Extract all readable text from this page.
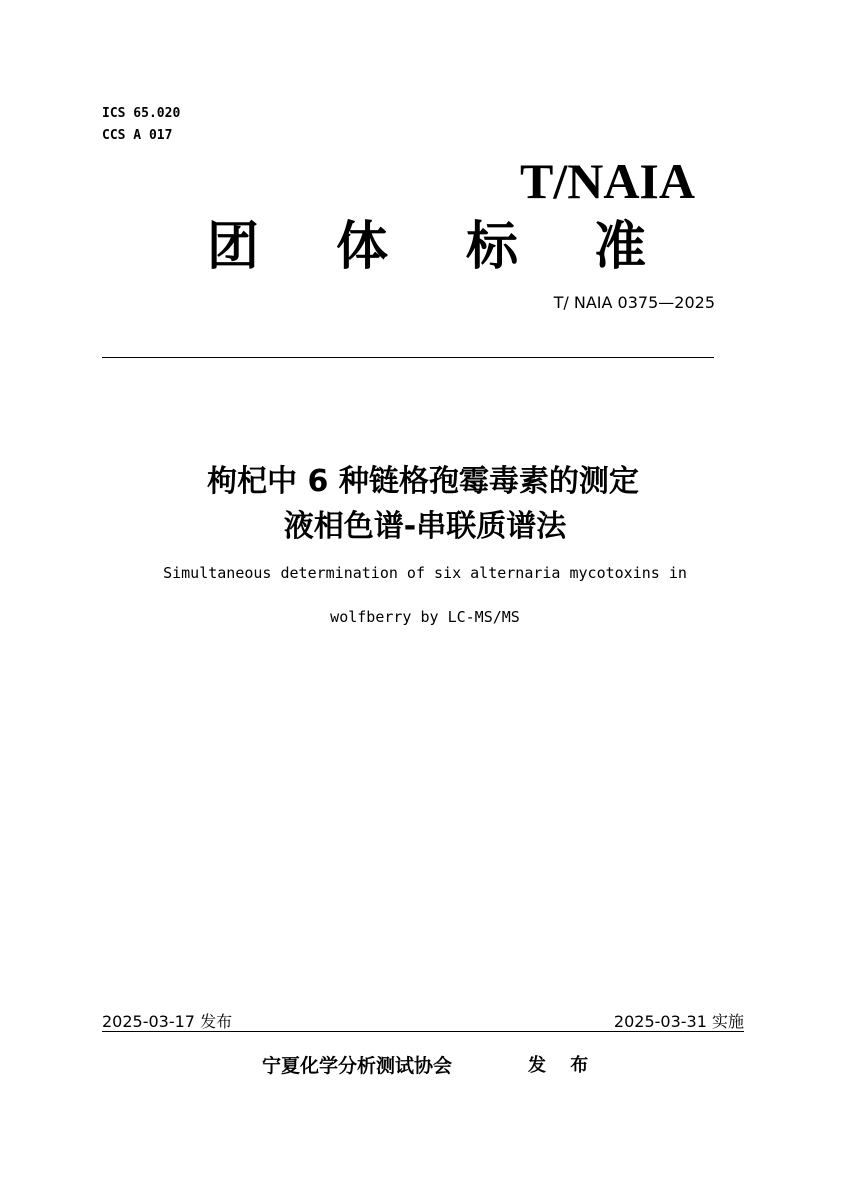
ICS 65.020
CCS A 017
T/NAIA
团 体 标 准
T/ NAIA 0375—2025
枸杞中 6 种链格孢霉毒素的测定
液相色谱-串联质谱法
Simultaneous determination of six alternaria mycotoxins in
wolfberry by LC-MS/MS
2025-03-17 发布	2025-03-31 实施
宁夏化学分析测试协会	发 布
